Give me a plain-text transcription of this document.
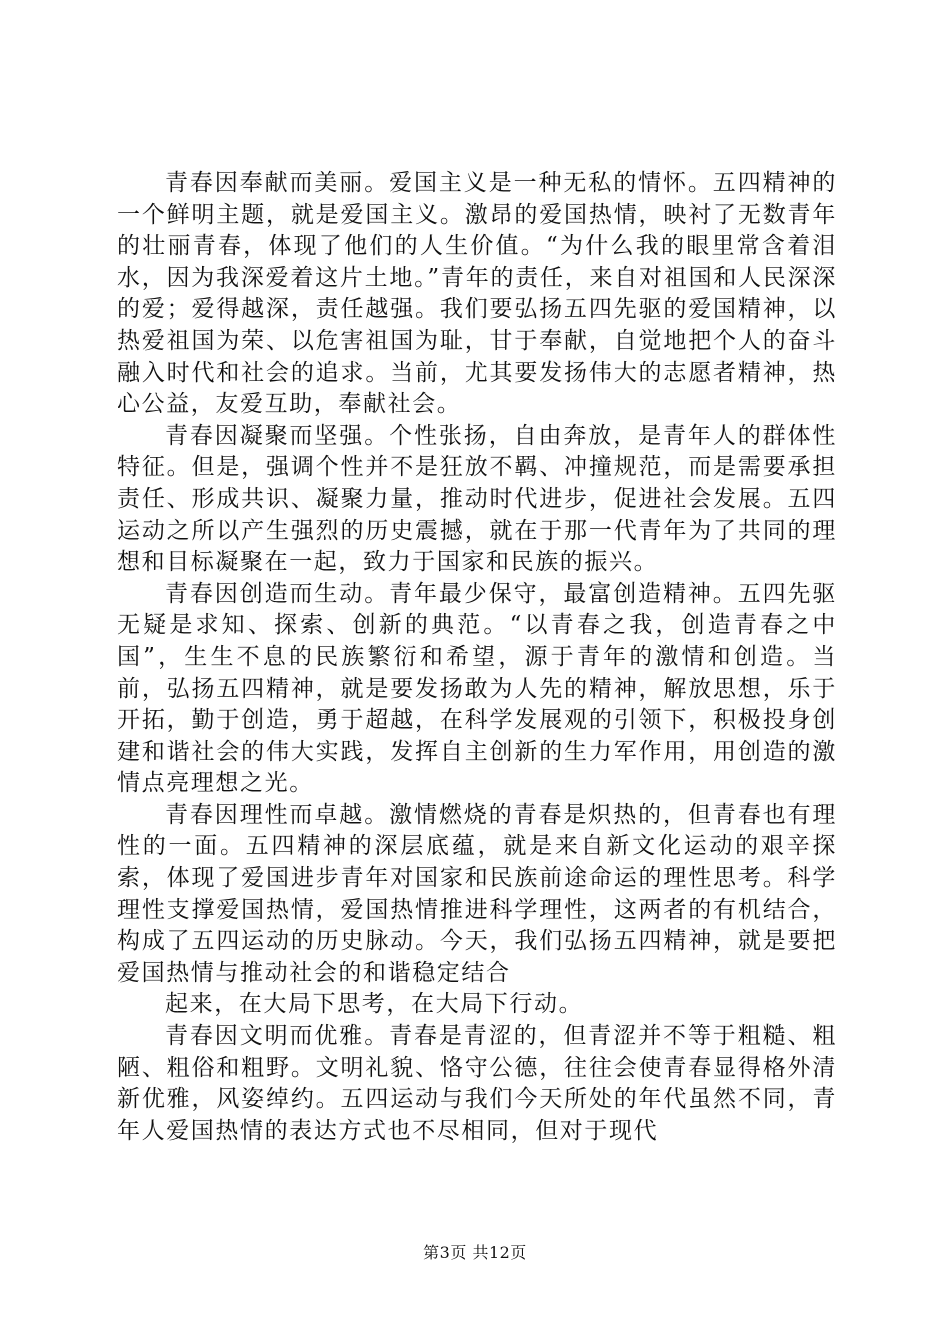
青春因奉献而美丽。爱国主义是一种无私的情怀。五四精神的一个鲜明主题，就是爱国主义。激昂的爱国热情，映衬了无数青年的壮丽青春，体现了他们的人生价值。“为什么我的眼里常含着泪水，因为我深爱着这片土地。”青年的责任，来自对祖国和人民深深的爱；爱得越深，责任越强。我们要弘扬五四先驱的爱国精神，以热爱祖国为荣、以危害祖国为耻，甘于奉献，自觉地把个人的奋斗融入时代和社会的追求。当前，尤其要发扬伟大的志愿者精神，热心公益，友爱互助，奉献社会。

青春因凝聚而坚强。个性张扬，自由奔放，是青年人的群体性特征。但是，强调个性并不是狂放不羁、冲撞规范，而是需要承担责任、形成共识、凝聚力量，推动时代进步，促进社会发展。五四运动之所以产生强烈的历史震撼，就在于那一代青年为了共同的理想和目标凝聚在一起，致力于国家和民族的振兴。

青春因创造而生动。青年最少保守，最富创造精神。五四先驱无疑是求知、探索、创新的典范。“以青春之我，创造青春之中国”，生生不息的民族繁衍和希望，源于青年的激情和创造。当前，弘扬五四精神，就是要发扬敢为人先的精神，解放思想，乐于开拓，勤于创造，勇于超越，在科学发展观的引领下，积极投身创建和谐社会的伟大实践，发挥自主创新的生力军作用，用创造的激情点亮理想之光。

青春因理性而卓越。激情燃烧的青春是炽热的，但青春也有理性的一面。五四精神的深层底蕴，就是来自新文化运动的艰辛探索，体现了爱国进步青年对国家和民族前途命运的理性思考。科学理性支撑爱国热情，爱国热情推进科学理性，这两者的有机结合，构成了五四运动的历史脉动。今天，我们弘扬五四精神，就是要把爱国热情与推动社会的和谐稳定结合

起来，在大局下思考，在大局下行动。

青春因文明而优雅。青春是青涩的，但青涩并不等于粗糙、粗陋、粗俗和粗野。文明礼貌、恪守公德，往往会使青春显得格外清新优雅，风姿绰约。五四运动与我们今天所处的年代虽然不同，青年人爱国热情的表达方式也不尽相同，但对于现代

第3页 共12页
